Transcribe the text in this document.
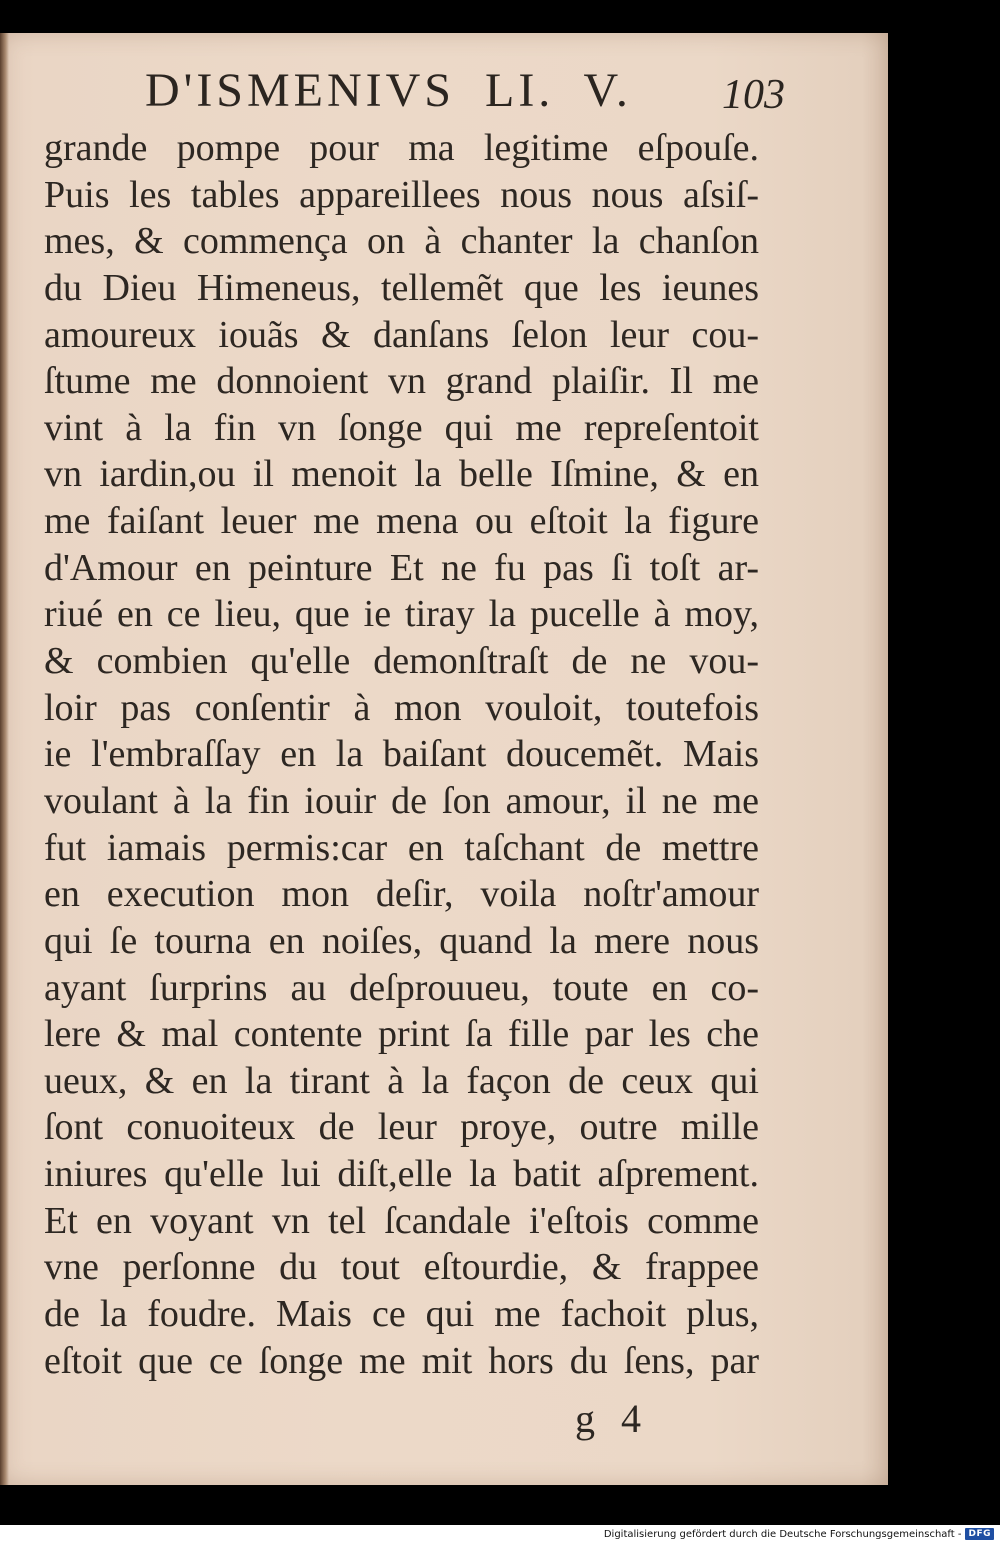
D'ISMENIVS LI. V. 103
grande pompe pour ma legitime eſpouſe.
Puis les tables appareillees nous nous aſsiſ-
mes, & commença on à chanter la chanſon
du Dieu Himeneus, tellemẽt que les ieunes
amoureux iouãs & danſans ſelon leur cou-
ſtume me donnoient vn grand plaiſir. Il me
vint à la fin vn ſonge qui me repreſentoit
vn iardin,ou il menoit la belle Iſmine, & en
me faiſant leuer me mena ou eſtoit la figure
d'Amour en peinture Et ne fu pas ſi toſt ar-
riué en ce lieu, que ie tiray la pucelle à moy,
& combien qu'elle demonſtraſt de ne vou-
loir pas conſentir à mon vouloit, toutefois
ie l'embraſſay en la baiſant doucemẽt. Mais
voulant à la fin iouir de ſon amour, il ne me
fut iamais permis:car en taſchant de mettre
en execution mon deſir, voila noſtr'amour
qui ſe tourna en noiſes, quand la mere nous
ayant ſurprins au deſprouueu, toute en co-
lere & mal contente print ſa fille par les che
ueux, & en la tirant à la façon de ceux qui
ſont conuoiteux de leur proye, outre mille
iniures qu'elle lui diſt,elle la batit aſprement.
Et en voyant vn tel ſcandale i'eſtois comme
vne perſonne du tout eſtourdie, & frappee
de la foudre. Mais ce qui me fachoit plus,
eſtoit que ce ſonge me mit hors du ſens, par
g 4
Digitalisierung gefördert durch die Deutsche Forschungsgemeinschaft - DFG
